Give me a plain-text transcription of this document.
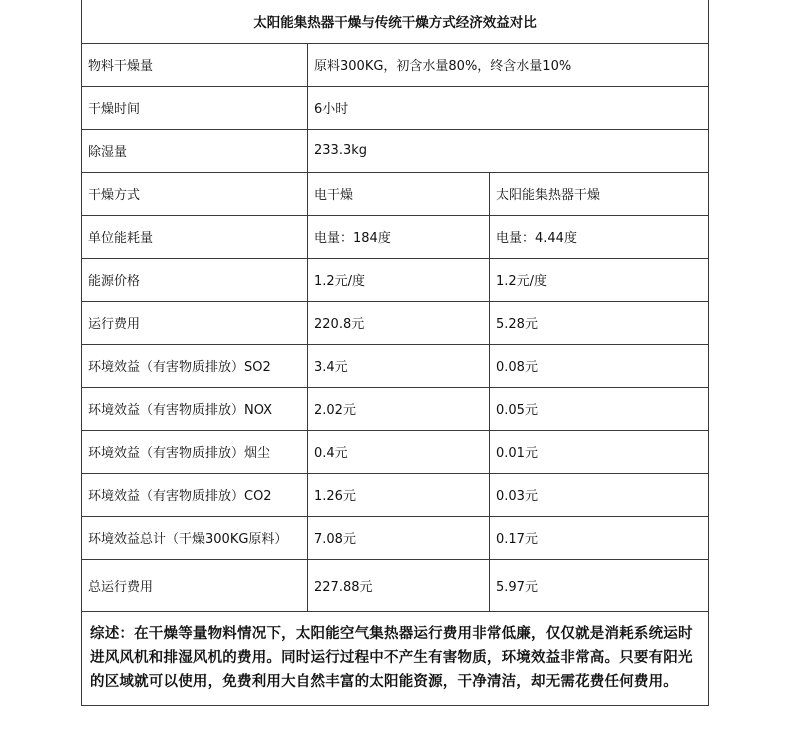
太阳能集热器干燥与传统干燥方式经济效益对比		
物料干燥量	原料300KG，初含水量80%，终含水量10%	
干燥时间	6小时	
除湿量	233.3kg	
干燥方式	电干燥	太阳能集热器干燥
单位能耗量	电量：184度	电量：4.44度
能源价格	1.2元/度	1.2元/度
运行费用	220.8元	5.28元
环境效益（有害物质排放）SO2	3.4元	0.08元
环境效益（有害物质排放）NOX	2.02元	0.05元
环境效益（有害物质排放）烟尘	0.4元	0.01元
环境效益（有害物质排放）CO2	1.26元	0.03元
环境效益总计（干燥300KG原料）	7.08元	0.17元
总运行费用	227.88元	5.97元
综述：在干燥等量物料情况下，太阳能空气集热器运行费用非常低廉，仅仅就是消耗系统运时进风风机和排湿风机的费用。同时运行过程中不产生有害物质，环境效益非常高。只要有阳光的区域就可以使用，免费利用大自然丰富的太阳能资源，干净清洁，却无需花费任何费用。		
